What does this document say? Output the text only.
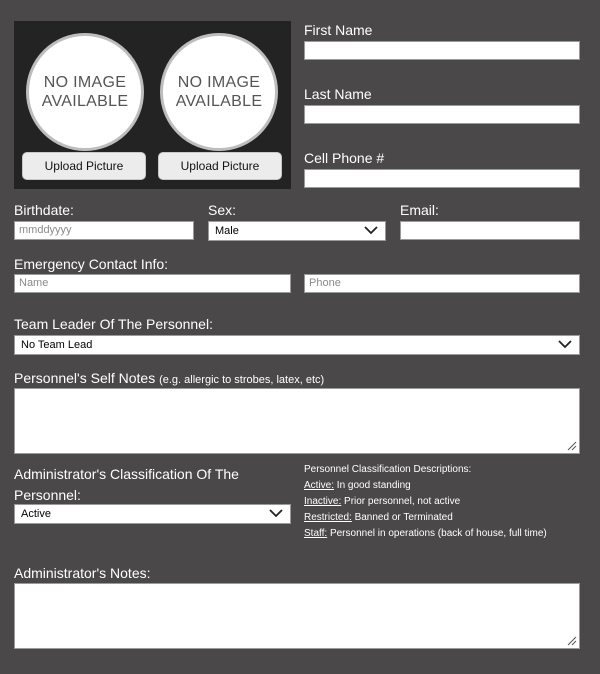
NO IMAGE AVAILABLE
NO IMAGE AVAILABLE
Upload Picture	Upload Picture
First Name
Last Name
Cell Phone #
Birthdate:
mmddyyyy
Sex:
Male
Email:
Emergency Contact Info:
Name	Phone
Team Leader Of The Personnel:
No Team Lead
Personnel's Self Notes (e.g. allergic to strobes, latex, etc)
Administrator's Classification Of The
Personnel:
Active
Personnel Classification Descriptions:
Active: In good standing
Inactive: Prior personnel, not active
Restricted: Banned or Terminated
Staff: Personnel in operations (back of house, full time)
Administrator's Notes:
